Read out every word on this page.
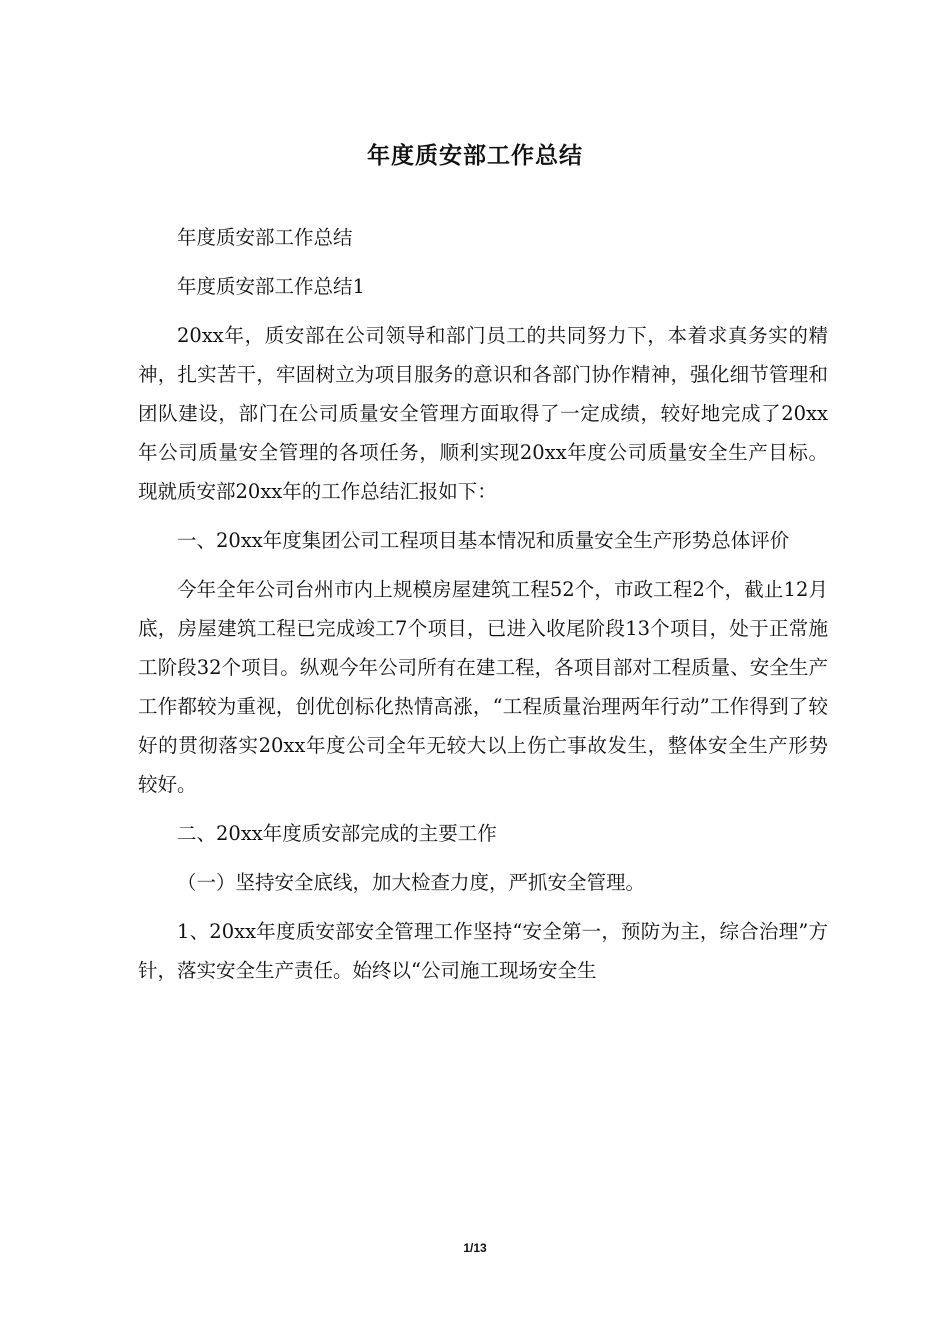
年度质安部工作总结

年度质安部工作总结

年度质安部工作总结1

20xx年，质安部在公司领导和部门员工的共同努力下，本着求真务实的精神，扎实苦干，牢固树立为项目服务的意识和各部门协作精神，强化细节管理和团队建设，部门在公司质量安全管理方面取得了一定成绩，较好地完成了20xx年公司质量安全管理的各项任务，顺利实现20xx年度公司质量安全生产目标。现就质安部20xx年的工作总结汇报如下：

一、20xx年度集团公司工程项目基本情况和质量安全生产形势总体评价

今年全年公司台州市内上规模房屋建筑工程52个，市政工程2个，截止12月底，房屋建筑工程已完成竣工7个项目，已进入收尾阶段13个项目，处于正常施工阶段32个项目。纵观今年公司所有在建工程，各项目部对工程质量、安全生产工作都较为重视，创优创标化热情高涨，“工程质量治理两年行动”工作得到了较好的贯彻落实20xx年度公司全年无较大以上伤亡事故发生，整体安全生产形势较好。

二、20xx年度质安部完成的主要工作

（一）坚持安全底线，加大检查力度，严抓安全管理。

1、20xx年度质安部安全管理工作坚持“安全第一，预防为主，综合治理”方针，落实安全生产责任。始终以“公司施工现场安全生

1/13
